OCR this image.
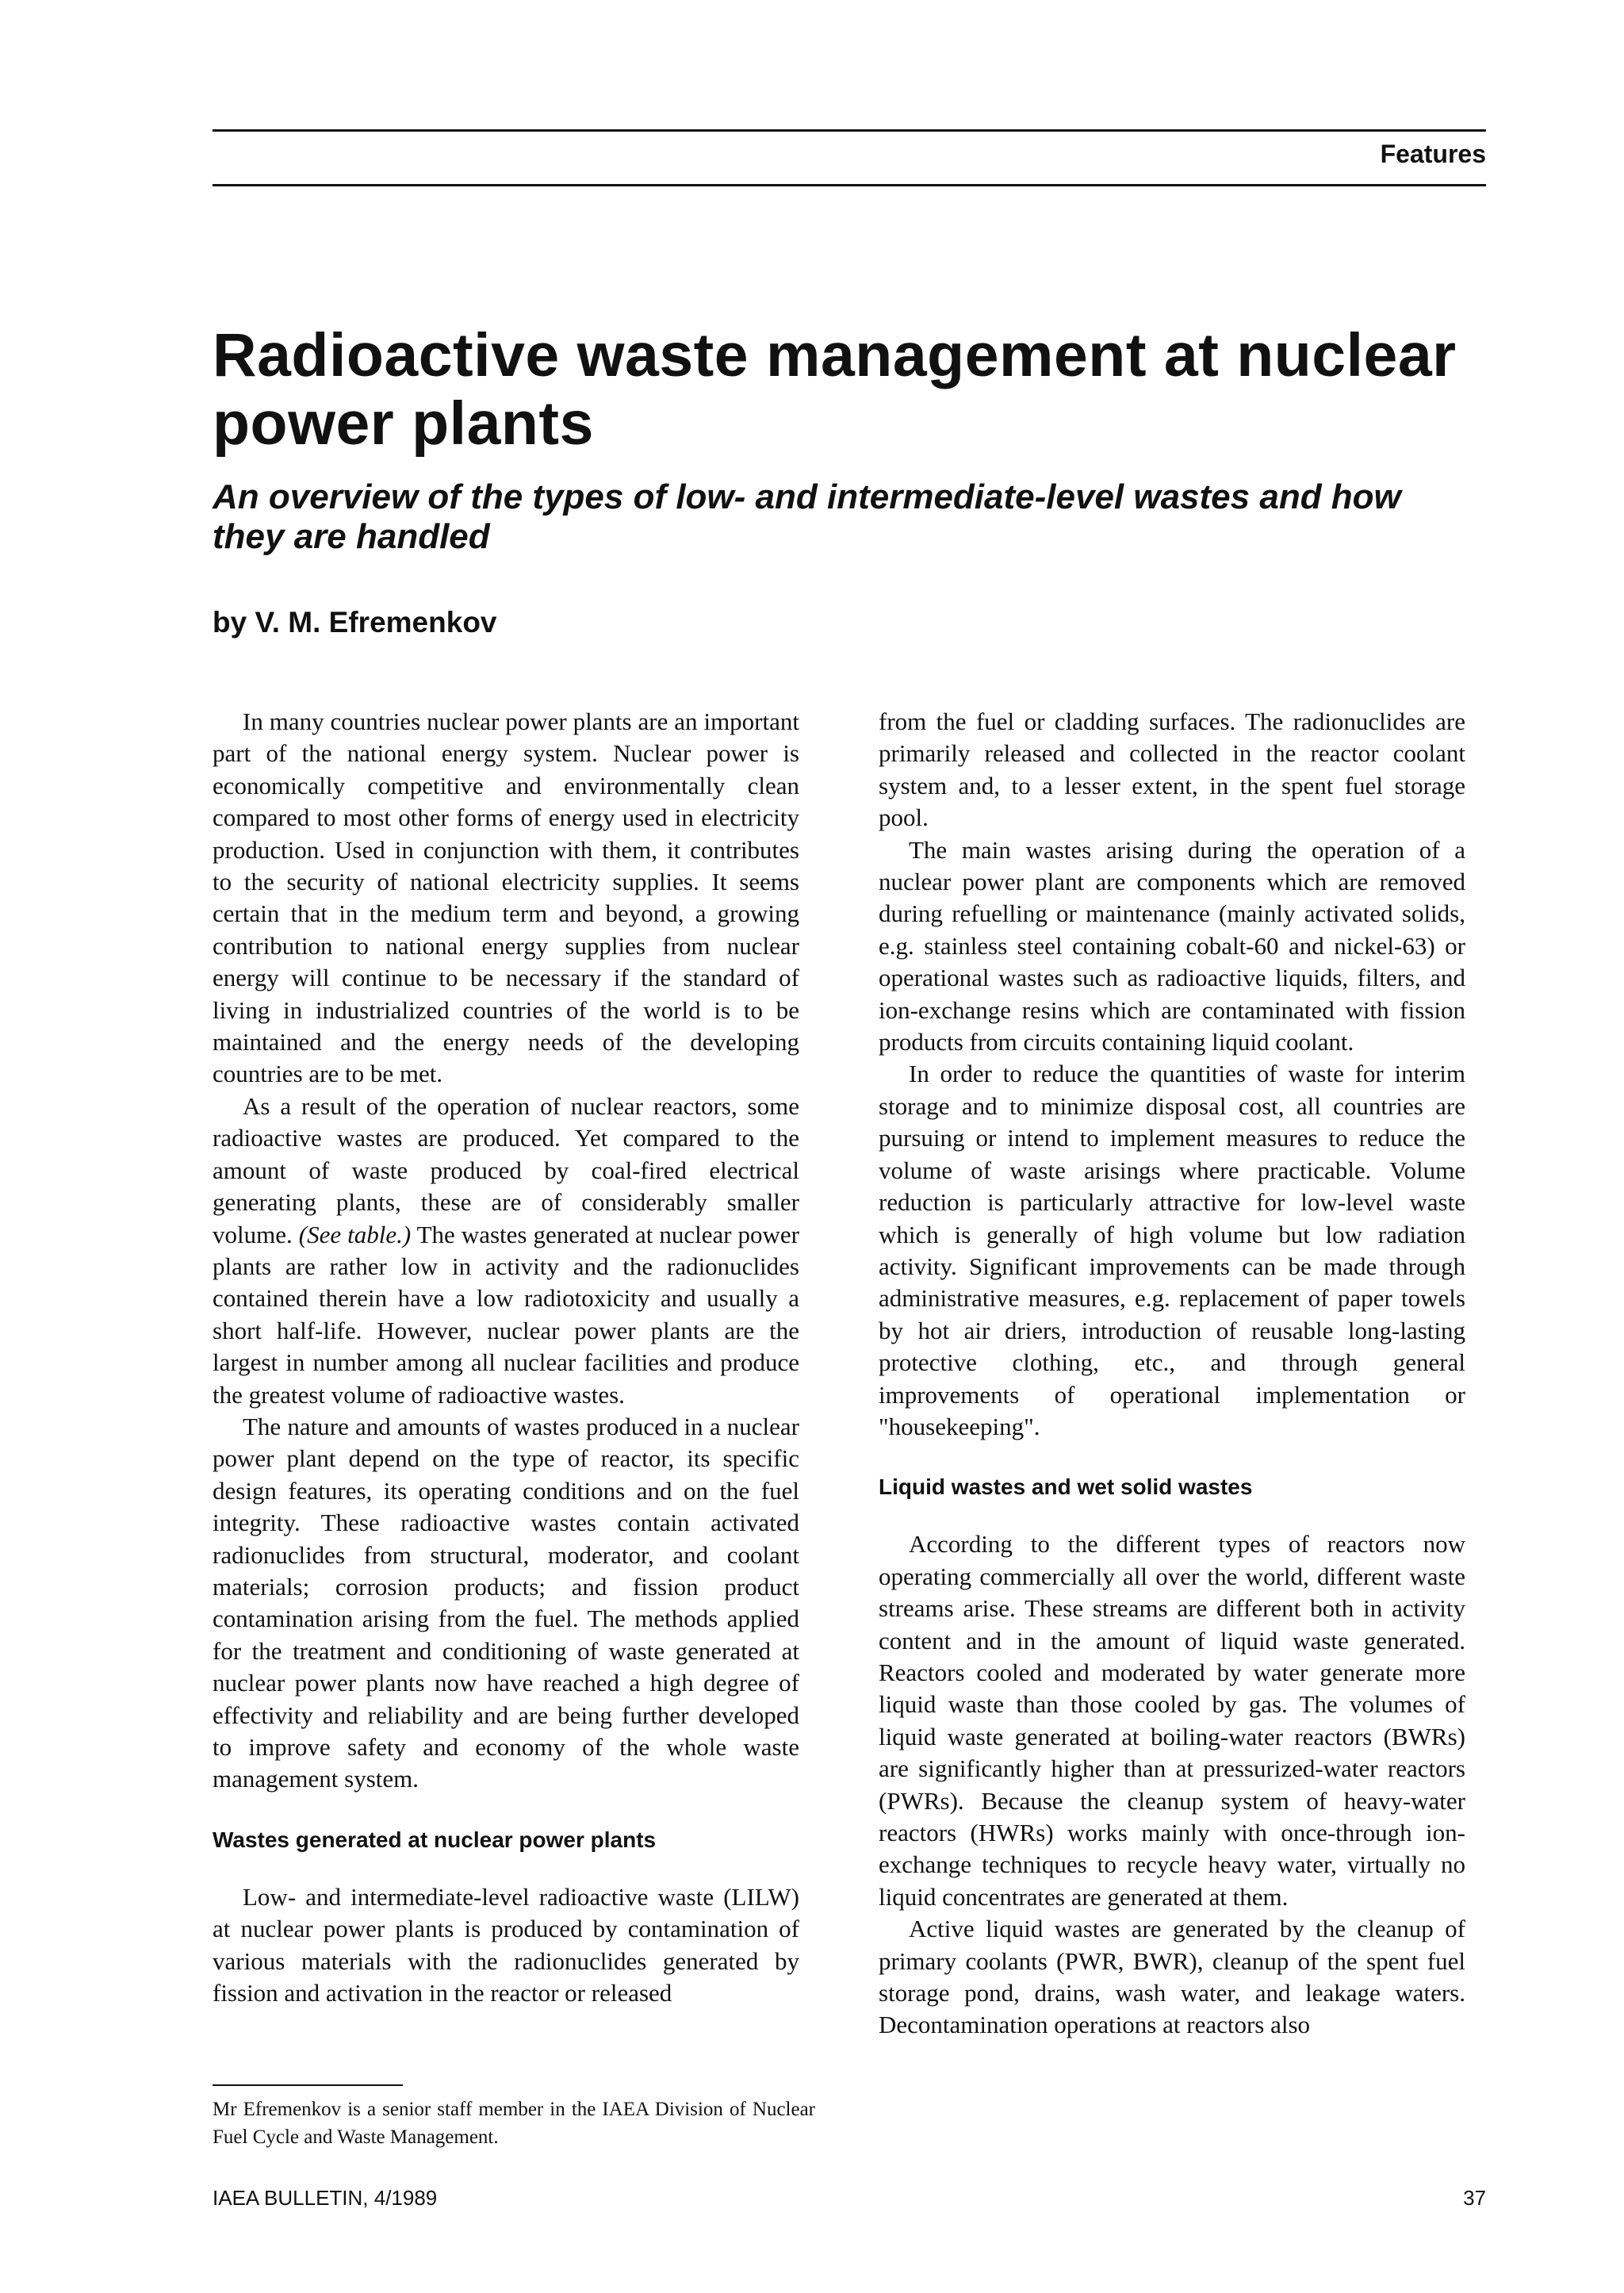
Features
Radioactive waste management at nuclear power plants
An overview of the types of low- and intermediate-level wastes and how they are handled
by V. M. Efremenkov

In many countries nuclear power plants are an important part of the national energy system. Nuclear power is economically competitive and environmentally clean compared to most other forms of energy used in electricity production. Used in conjunction with them, it contributes to the security of national electricity supplies. It seems certain that in the medium term and beyond, a growing contribution to national energy supplies from nuclear energy will continue to be necessary if the standard of living in industrialized countries of the world is to be maintained and the energy needs of the developing countries are to be met.

As a result of the operation of nuclear reactors, some radioactive wastes are produced. Yet compared to the amount of waste produced by coal-fired electrical generating plants, these are of considerably smaller volume. (See table.) The wastes generated at nuclear power plants are rather low in activity and the radionuclides contained therein have a low radiotoxicity and usually a short half-life. However, nuclear power plants are the largest in number among all nuclear facilities and produce the greatest volume of radioactive wastes.

The nature and amounts of wastes produced in a nuclear power plant depend on the type of reactor, its specific design features, its operating conditions and on the fuel integrity. These radioactive wastes contain activated radionuclides from structural, moderator, and coolant materials; corrosion products; and fission product contamination arising from the fuel. The methods applied for the treatment and conditioning of waste generated at nuclear power plants now have reached a high degree of effectivity and reliability and are being further developed to improve safety and economy of the whole waste management system.

Wastes generated at nuclear power plants

Low- and intermediate-level radioactive waste (LILW) at nuclear power plants is produced by contamination of various materials with the radionuclides generated by fission and activation in the reactor or released

from the fuel or cladding surfaces. The radionuclides are primarily released and collected in the reactor coolant system and, to a lesser extent, in the spent fuel storage pool.

The main wastes arising during the operation of a nuclear power plant are components which are removed during refuelling or maintenance (mainly activated solids, e.g. stainless steel containing cobalt-60 and nickel-63) or operational wastes such as radioactive liquids, filters, and ion-exchange resins which are contaminated with fission products from circuits containing liquid coolant.

In order to reduce the quantities of waste for interim storage and to minimize disposal cost, all countries are pursuing or intend to implement measures to reduce the volume of waste arisings where practicable. Volume reduction is particularly attractive for low-level waste which is generally of high volume but low radiation activity. Significant improvements can be made through administrative measures, e.g. replacement of paper towels by hot air driers, introduction of reusable long-lasting protective clothing, etc., and through general improvements of operational implementation or "housekeeping".

Liquid wastes and wet solid wastes

According to the different types of reactors now operating commercially all over the world, different waste streams arise. These streams are different both in activity content and in the amount of liquid waste generated. Reactors cooled and moderated by water generate more liquid waste than those cooled by gas. The volumes of liquid waste generated at boiling-water reactors (BWRs) are significantly higher than at pressurized-water reactors (PWRs). Because the cleanup system of heavy-water reactors (HWRs) works mainly with once-through ion-exchange techniques to recycle heavy water, virtually no liquid concentrates are generated at them.

Active liquid wastes are generated by the cleanup of primary coolants (PWR, BWR), cleanup of the spent fuel storage pond, drains, wash water, and leakage waters. Decontamination operations at reactors also

Mr Efremenkov is a senior staff member in the IAEA Division of Nuclear Fuel Cycle and Waste Management.

IAEA BULLETIN, 4/1989	37
